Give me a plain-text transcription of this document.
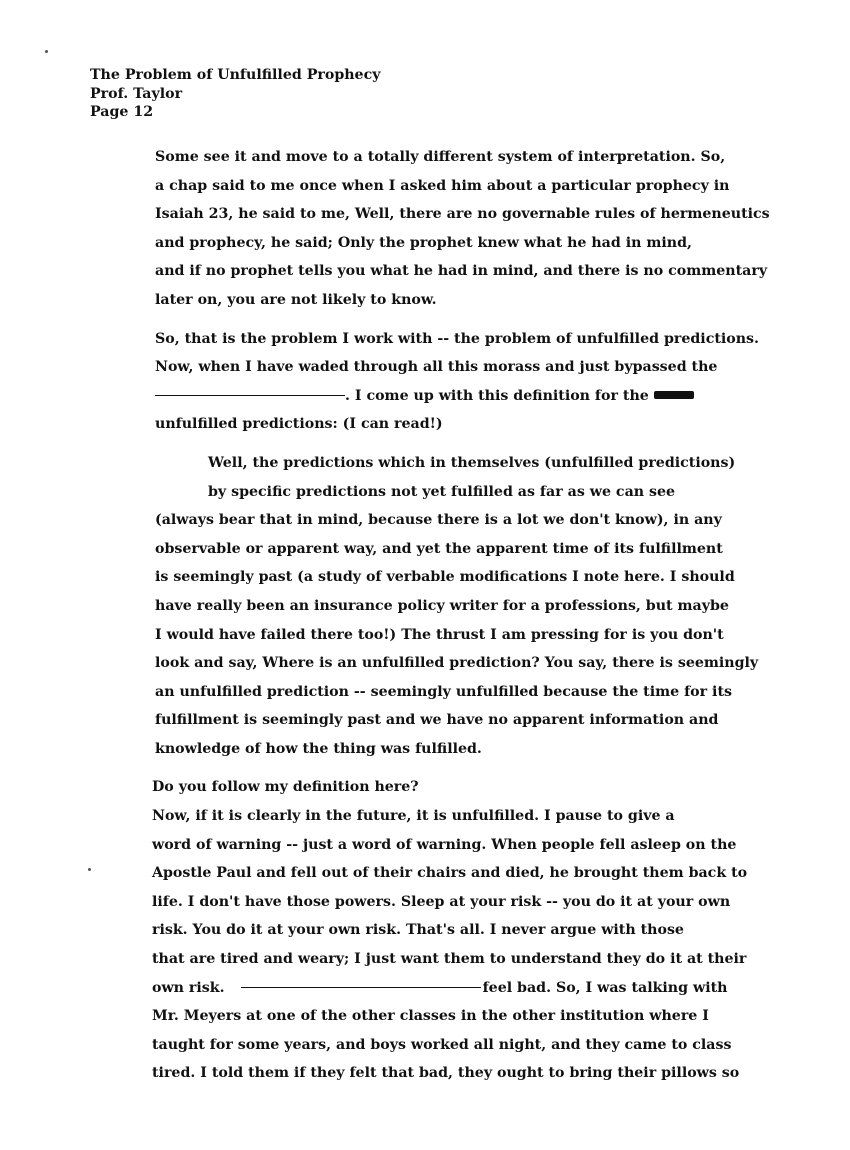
The Problem of Unfulfilled Prophecy
Prof. Taylor
Page 12
Some see it and move to a totally different system of interpretation. So,
a chap said to me once when I asked him about a particular prophecy in
Isaiah 23, he said to me, Well, there are no governable rules of hermeneutics
and prophecy, he said; Only the prophet knew what he had in mind,
and if no prophet tells you what he had in mind, and there is no commentary
later on, you are not likely to know.
So, that is the problem I work with -- the problem of unfulfilled predictions.
Now, when I have waded through all this morass and just bypassed the
. I come up with this definition for the
unfulfilled predictions: (I can read!)
Well, the predictions which in themselves (unfulfilled predictions)
by specific predictions not yet fulfilled as far as we can see
(always bear that in mind, because there is a lot we don't know), in any
observable or apparent way, and yet the apparent time of its fulfillment
is seemingly past (a study of verbable modifications I note here. I should
have really been an insurance policy writer for a professions, but maybe
I would have failed there too!) The thrust I am pressing for is you don't
look and say, Where is an unfulfilled prediction? You say, there is seemingly
an unfulfilled prediction -- seemingly unfulfilled because the time for its
fulfillment is seemingly past and we have no apparent information and
knowledge of how the thing was fulfilled.
Do you follow my definition here?
Now, if it is clearly in the future, it is unfulfilled. I pause to give a
word of warning -- just a word of warning. When people fell asleep on the
Apostle Paul and fell out of their chairs and died, he brought them back to
life. I don't have those powers. Sleep at your risk -- you do it at your own
risk. You do it at your own risk. That's all. I never argue with those
that are tired and weary; I just want them to understand they do it at their
own risk.	feel bad. So, I was talking with
Mr. Meyers at one of the other classes in the other institution where I
taught for some years, and boys worked all night, and they came to class
tired. I told them if they felt that bad, they ought to bring their pillows so
